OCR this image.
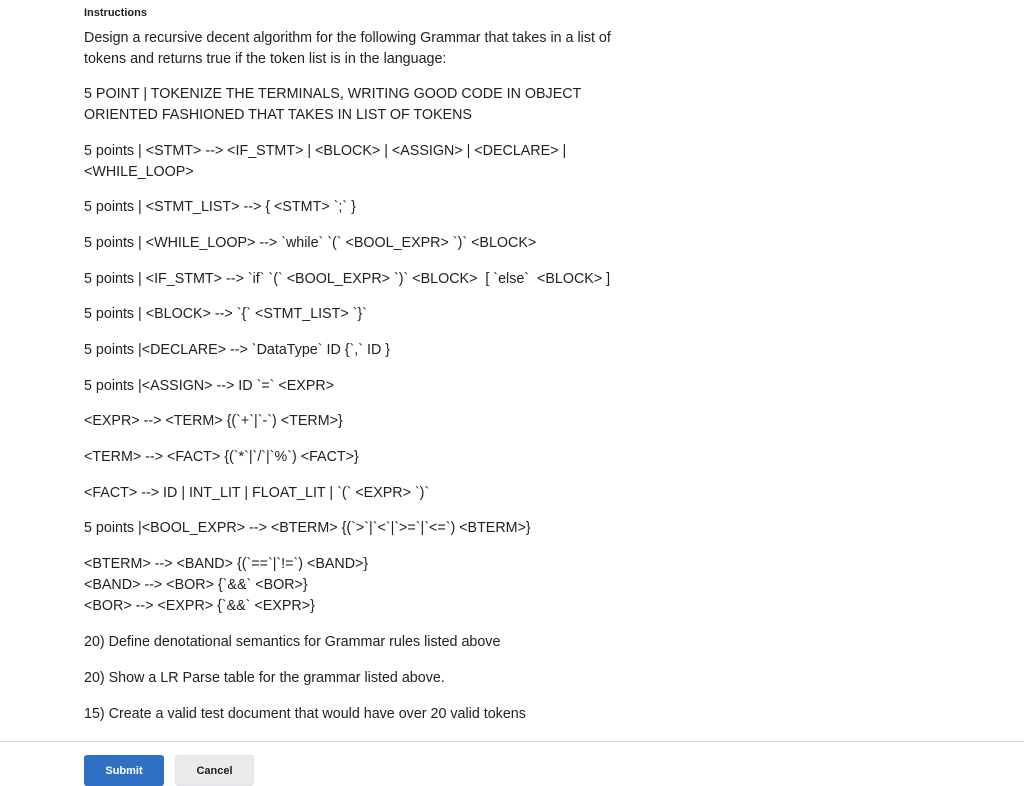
Instructions
Design a recursive decent algorithm for the following Grammar that takes in a list of tokens and returns true if the token list is in the language:
5 POINT | TOKENIZE THE TERMINALS, WRITING GOOD CODE IN OBJECT ORIENTED FASHIONED THAT TAKES IN LIST OF TOKENS
5 points | <STMT> --> <IF_STMT> | <BLOCK> | <ASSIGN> | <DECLARE> | <WHILE_LOOP>
5 points | <STMT_LIST> --> { <STMT> `;` }
5 points | <WHILE_LOOP> --> `while` `(` <BOOL_EXPR> `)` <BLOCK>
5 points | <IF_STMT> --> `if` `(` <BOOL_EXPR> `)` <BLOCK>  [ `else`  <BLOCK> ]
5 points | <BLOCK> --> `{` <STMT_LIST> `}`
5 points |<DECLARE> --> `DataType` ID {`,` ID }
5 points |<ASSIGN> --> ID `=` <EXPR>
<EXPR> --> <TERM> {(`+`|`-`) <TERM>}
<TERM> --> <FACT> {(`*`|`/`|`%`) <FACT>}
<FACT> --> ID | INT_LIT | FLOAT_LIT | `(` <EXPR> `)`
5 points |<BOOL_EXPR> --> <BTERM> {(`>`|`<`|`>=`|`<=`) <BTERM>}
<BTERM> --> <BAND> {(`==`|`!=`) <BAND>}
<BAND> --> <BOR> {`&&` <BOR>}
<BOR> --> <EXPR> {`&&` <EXPR>}
20) Define denotational semantics for Grammar rules listed above
20) Show a LR Parse table for the grammar listed above.
15) Create a valid test document that would have over 20 valid tokens
Submit	Cancel
